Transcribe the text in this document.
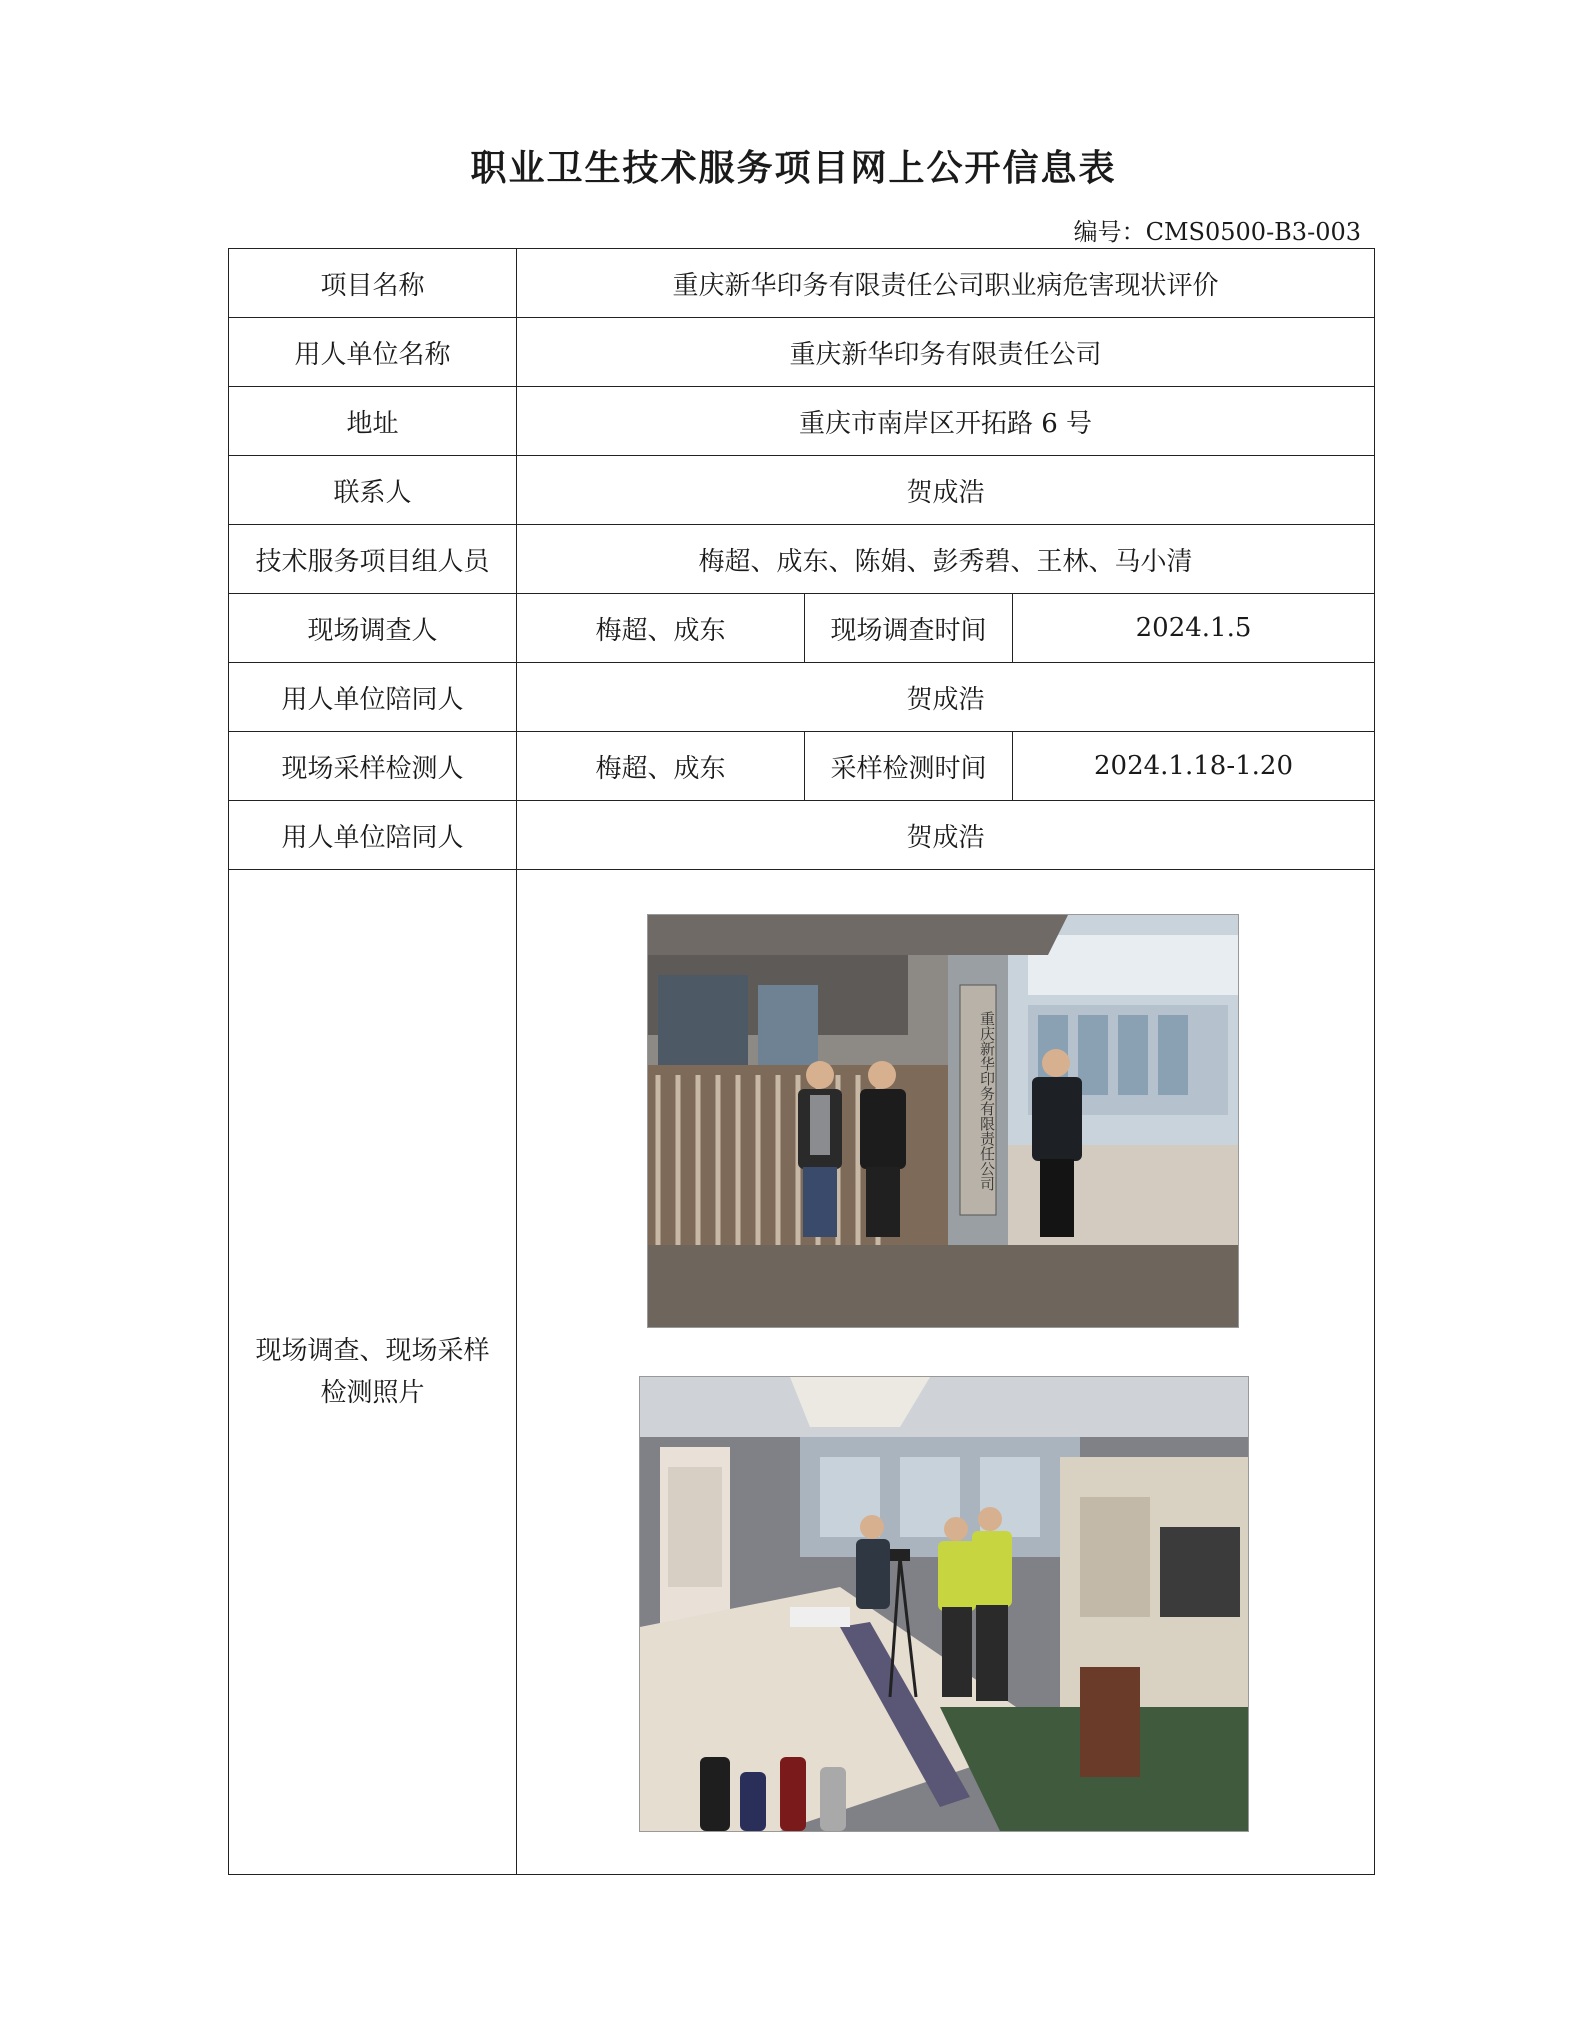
职业卫生技术服务项目网上公开信息表
编号：CMS0500-B3-003
项目名称	重庆新华印务有限责任公司职业病危害现状评价		
用人单位名称	重庆新华印务有限责任公司		
地址	重庆市南岸区开拓路 6 号		
联系人	贺成浩		
技术服务项目组人员	梅超、成东、陈娟、彭秀碧、王林、马小清		
现场调查人	梅超、成东	现场调查时间	2024.1.5
用人单位陪同人	贺成浩		
现场采样检测人	梅超、成东	采样检测时间	2024.1.18-1.20
用人单位陪同人	贺成浩		

现场调查、现场采样
检测照片	重庆新华印务有限责任公司		
